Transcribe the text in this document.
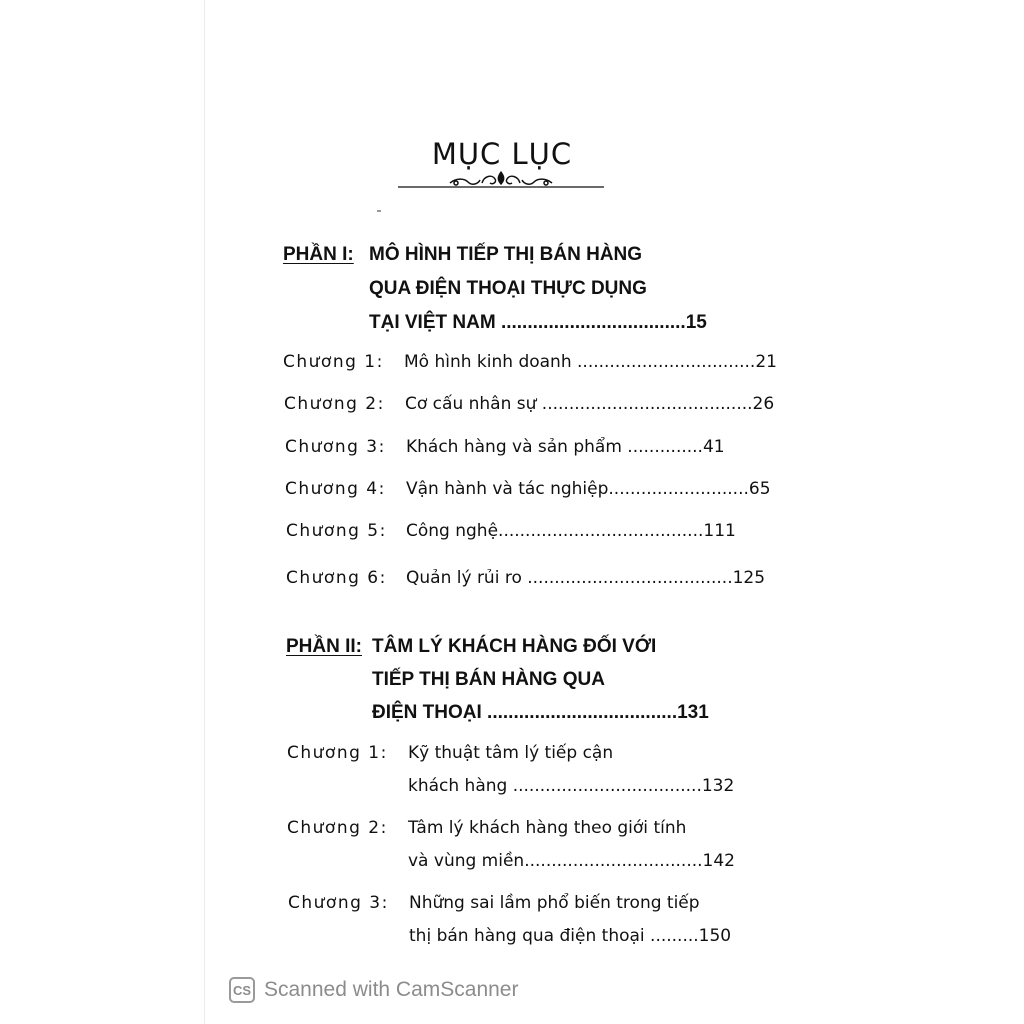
MỤC LỤC
PHẦN I: MÔ HÌNH TIẾP THỊ BÁN HÀNG
QUA ĐIỆN THOẠI THỰC DỤNG
TẠI VIỆT NAM ...................................15
Chương 1: Mô hình kinh doanh .................................21
Chương 2: Cơ cấu nhân sự .......................................26
Chương 3: Khách hàng và sản phẩm ..............41
Chương 4: Vận hành và tác nghiệp..........................65
Chương 5: Công nghệ......................................111
Chương 6: Quản lý rủi ro ......................................125
PHẦN II: TÂM LÝ KHÁCH HÀNG ĐỐI VỚI
TIẾP THỊ BÁN HÀNG QUA
ĐIỆN THOẠI ....................................131
Chương 1: Kỹ thuật tâm lý tiếp cận
khách hàng ...................................132
Chương 2: Tâm lý khách hàng theo giới tính
và vùng miền.................................142
Chương 3: Những sai lầm phổ biến trong tiếp
thị bán hàng qua điện thoại .........150
CS Scanned with CamScanner
